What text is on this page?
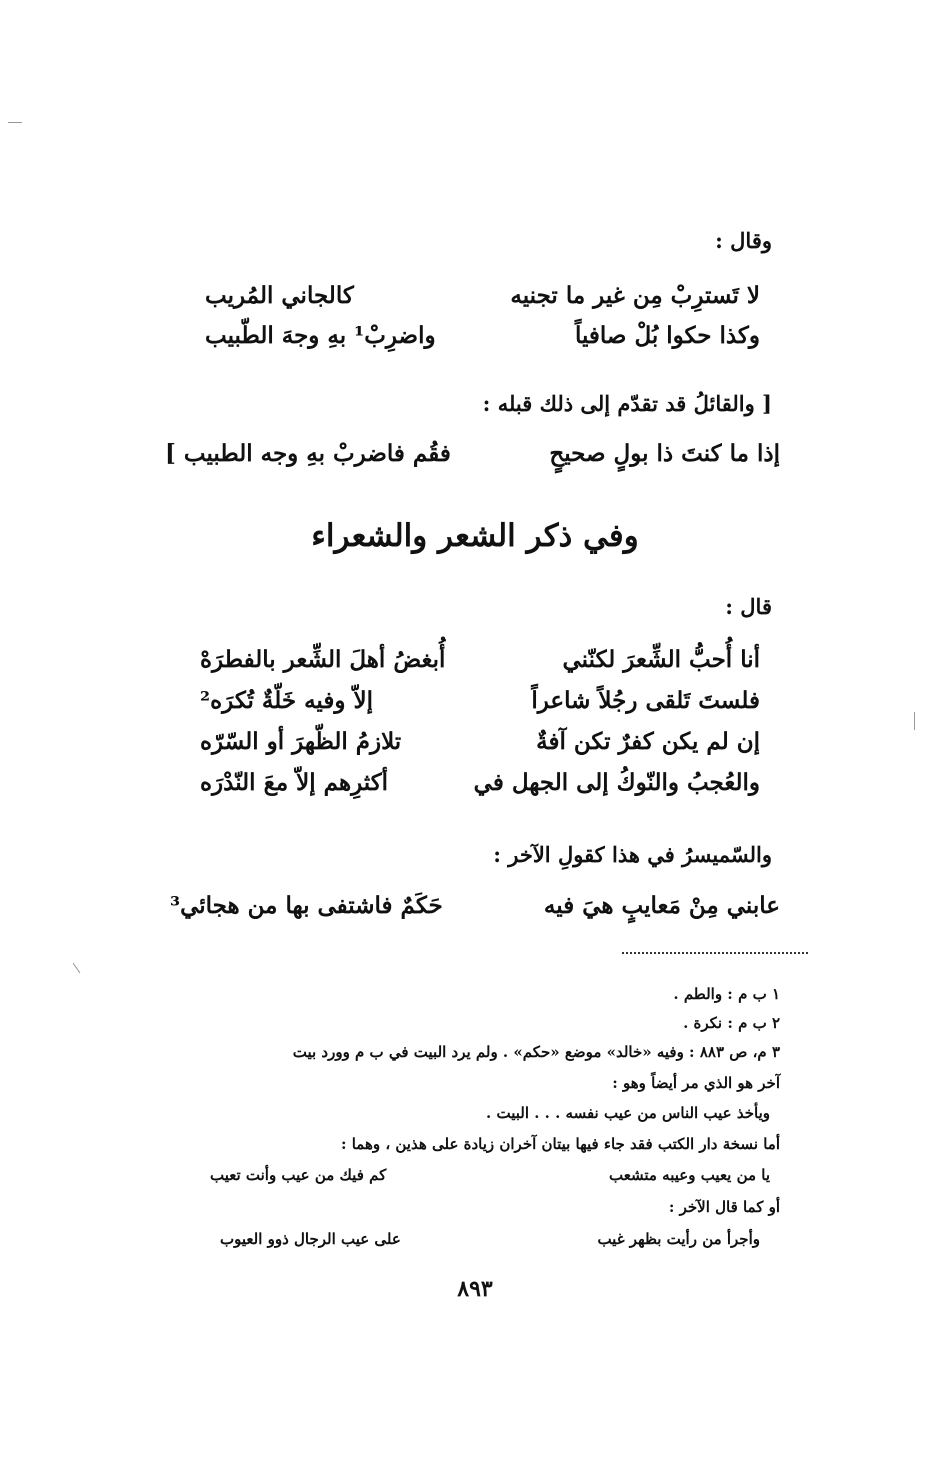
وقال :
لا تَسترِبْ مِن غير ما تجنيه
كالجاني المُريب
وكذا حكوا بُلْ صافياً
واضرِبْ¹ بهِ وجهَ الطّبيب
[ والقائلُ قد تقدّم إلى ذلك قبله :
إذا ما كنتَ ذا بولٍ صحيحٍ
فقُم فاضربْ بهِ وجه الطبيب ]
وفي ذكر الشعر والشعراء
قال :
أنا أُحبُّ الشِّعرَ لكنّني
أُبغضُ أهلَ الشِّعر بالفطرَهْ
فلستَ تَلقى رجُلاً شاعراً
إلاّ وفيه خَلّةٌ تُكرَه²
إن لم يكن كفرٌ تكن آفةٌ
تلازمُ الظّهرَ أو السّرّه
والعُجبُ والنّوكُ إلى الجهل في
أكثرِهم إلاّ معَ النّدْرَه
والسّميسرُ في هذا كقولِ الآخر :
عابني مِنْ مَعايبٍ هيَ فيه
حَكَمٌ فاشتفى بها من هجائي³
١ ب م : والطم .
٢ ب م : نكرة .
٣ م، ص ٨٨٣ : وفيه «خالد» موضع «حكم» . ولم يرد البيت في ب م وورد بيت
آخر هو الذي مر أيضاً وهو :
ويأخذ عيب الناس من عيب نفسه . . . البيت .
أما نسخة دار الكتب فقد جاء فيها بيتان آخران زيادة على هذين ، وهما :
يا من يعيب وعيبه متشعب
كم فيك من عيب وأنت تعيب
أو كما قال الآخر :
وأجرأ من رأيت بظهر غيب
على عيب الرجال ذوو العيوب
٨٩٣
